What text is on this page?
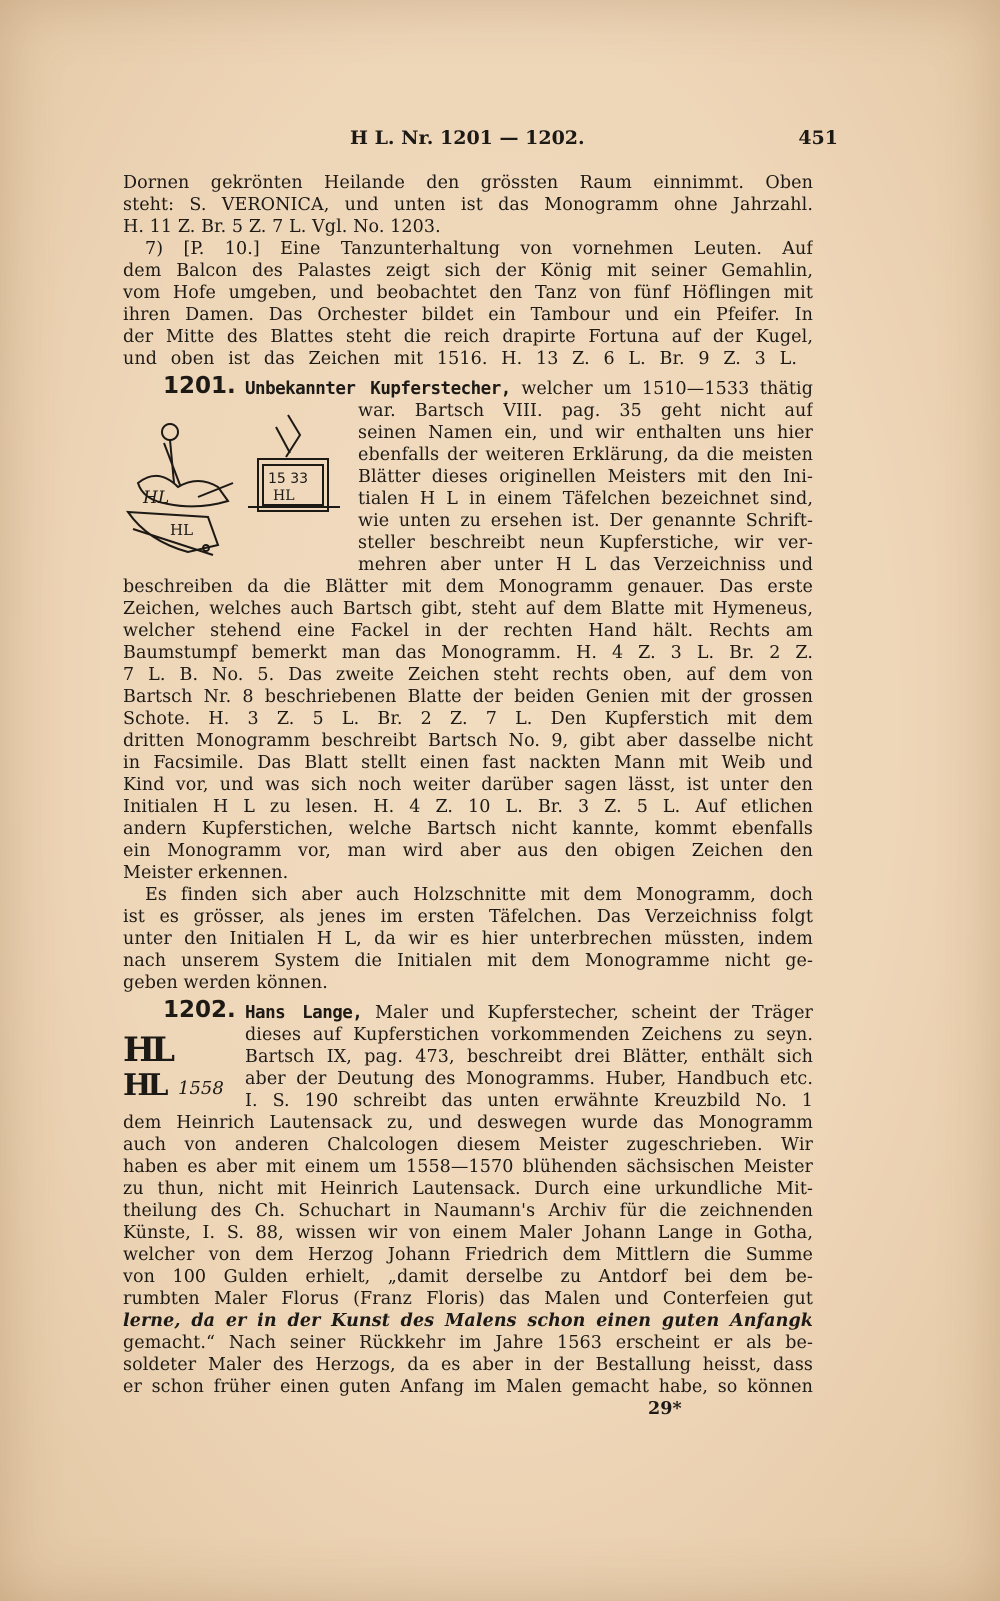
H L. Nr. 1201 — 1202.	451
Dornen gekrönten Heilande den grössten Raum einnimmt. Oben
steht: S. VERONICA, und unten ist das Monogramm ohne Jahrzahl.
H. 11 Z. Br. 5 Z. 7 L. Vgl. No. 1203.
7) [P. 10.] Eine Tanzunterhaltung von vornehmen Leuten. Auf
dem Balcon des Palastes zeigt sich der König mit seiner Gemahlin,
vom Hofe umgeben, und beobachtet den Tanz von fünf Höflingen mit
ihren Damen. Das Orchester bildet ein Tambour und ein Pfeifer. In
der Mitte des Blattes steht die reich drapirte Fortuna auf der Kugel,
und oben ist das Zeichen mit 1516. H. 13 Z. 6 L. Br. 9 Z. 3 L.
1201. Unbekannter Kupferstecher, welcher um 1510—1533 thätig
HL
HL
15 33
HL
war. Bartsch VIII. pag. 35 geht nicht auf
seinen Namen ein, und wir enthalten uns hier
ebenfalls der weiteren Erklärung, da die meisten
Blätter dieses originellen Meisters mit den Ini-
tialen H L in einem Täfelchen bezeichnet sind,
wie unten zu ersehen ist. Der genannte Schrift-
steller beschreibt neun Kupferstiche, wir ver-
mehren aber unter H L das Verzeichniss und
beschreiben da die Blätter mit dem Monogramm genauer. Das erste
Zeichen, welches auch Bartsch gibt, steht auf dem Blatte mit Hymeneus,
welcher stehend eine Fackel in der rechten Hand hält. Rechts am
Baumstumpf bemerkt man das Monogramm. H. 4 Z. 3 L. Br. 2 Z.
7 L. B. No. 5. Das zweite Zeichen steht rechts oben, auf dem von
Bartsch Nr. 8 beschriebenen Blatte der beiden Genien mit der grossen
Schote. H. 3 Z. 5 L. Br. 2 Z. 7 L. Den Kupferstich mit dem
dritten Monogramm beschreibt Bartsch No. 9, gibt aber dasselbe nicht
in Facsimile. Das Blatt stellt einen fast nackten Mann mit Weib und
Kind vor, und was sich noch weiter darüber sagen lässt, ist unter den
Initialen H L zu lesen. H. 4 Z. 10 L. Br. 3 Z. 5 L. Auf etlichen
andern Kupferstichen, welche Bartsch nicht kannte, kommt ebenfalls
ein Monogramm vor, man wird aber aus den obigen Zeichen den
Meister erkennen.
Es finden sich aber auch Holzschnitte mit dem Monogramm, doch
ist es grösser, als jenes im ersten Täfelchen. Das Verzeichniss folgt
unter den Initialen H L, da wir es hier unterbrechen müssten, indem
nach unserem System die Initialen mit dem Monogramme nicht ge-
geben werden können.
1202. Hans Lange, Maler und Kupferstecher, scheint der Träger
HL
HL 1558
dieses auf Kupferstichen vorkommenden Zeichens zu seyn.
Bartsch IX, pag. 473, beschreibt drei Blätter, enthält sich
aber der Deutung des Monogramms. Huber, Handbuch etc.
I. S. 190 schreibt das unten erwähnte Kreuzbild No. 1
dem Heinrich Lautensack zu, und deswegen wurde das Monogramm
auch von anderen Chalcologen diesem Meister zugeschrieben. Wir
haben es aber mit einem um 1558—1570 blühenden sächsischen Meister
zu thun, nicht mit Heinrich Lautensack. Durch eine urkundliche Mit-
theilung des Ch. Schuchart in Naumann's Archiv für die zeichnenden
Künste, I. S. 88, wissen wir von einem Maler Johann Lange in Gotha,
welcher von dem Herzog Johann Friedrich dem Mittlern die Summe
von 100 Gulden erhielt, „damit derselbe zu Antdorf bei dem be-
rumbten Maler Florus (Franz Floris) das Malen und Conterfeien gut
lerne, da er in der Kunst des Malens schon einen guten Anfangk
gemacht.“ Nach seiner Rückkehr im Jahre 1563 erscheint er als be-
soldeter Maler des Herzogs, da es aber in der Bestallung heisst, dass
er schon früher einen guten Anfang im Malen gemacht habe, so können
29*
